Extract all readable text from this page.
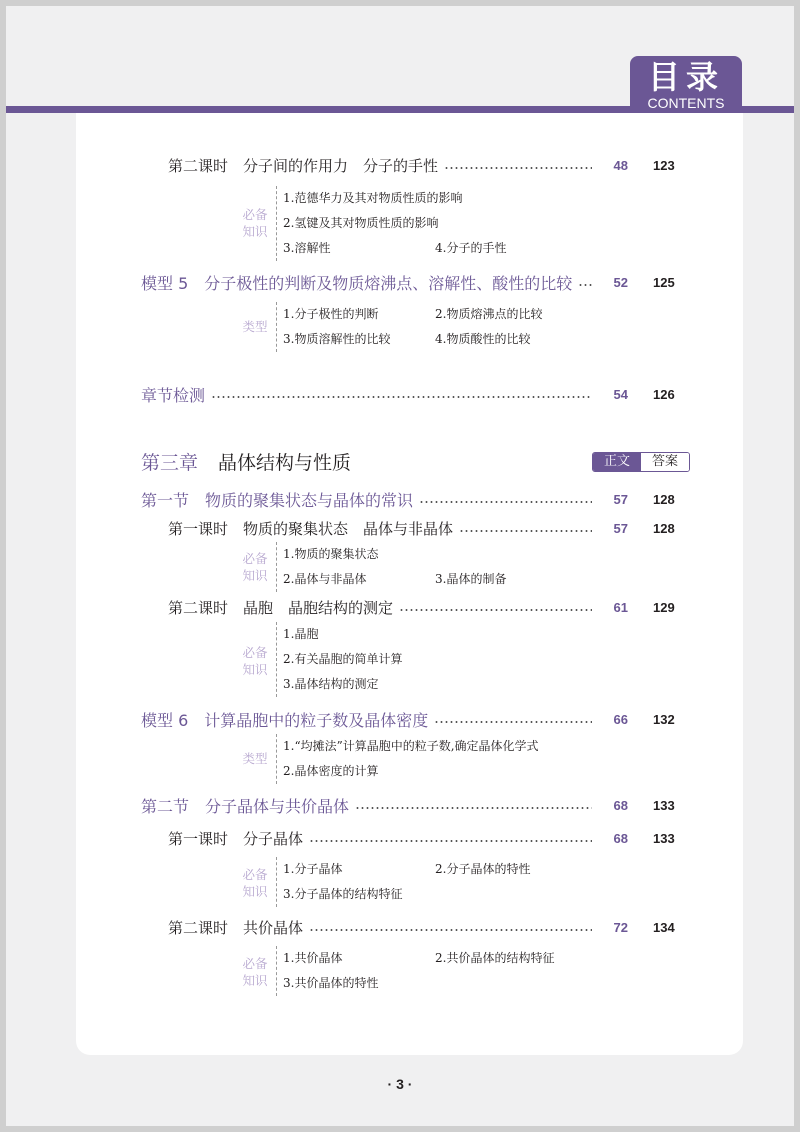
目录
CONTENTS
第二课时　分子间的作用力　分子的手性	48 123
必备
知识
1.范德华力及其对物质性质的影响
2.氢键及其对物质性质的影响
3.溶解性	4.分子的手性
模型 5　分子极性的判断及物质熔沸点、溶解性、酸性的比较	52 125
类型
1.分子极性的判断	2.物质熔沸点的比较
3.物质溶解性的比较	4.物质酸性的比较
章节检测	54 126
第三章 晶体结构与性质	正文	答案
第一节　物质的聚集状态与晶体的常识	57 128
第一课时　物质的聚集状态　晶体与非晶体	57 128
必备
知识
1.物质的聚集状态
2.晶体与非晶体	3.晶体的制备
第二课时　晶胞　晶胞结构的测定	61 129
必备
知识
1.晶胞
2.有关晶胞的简单计算
3.晶体结构的测定
模型 6　计算晶胞中的粒子数及晶体密度	66 132
类型
1.“均摊法”计算晶胞中的粒子数,确定晶体化学式
2.晶体密度的计算
第二节　分子晶体与共价晶体	68 133
第一课时　分子晶体	68 133
必备
知识
1.分子晶体	2.分子晶体的特性
3.分子晶体的结构特征
第二课时　共价晶体	72 134
必备
知识
1.共价晶体	2.共价晶体的结构特征
3.共价晶体的特性
· 3 ·
